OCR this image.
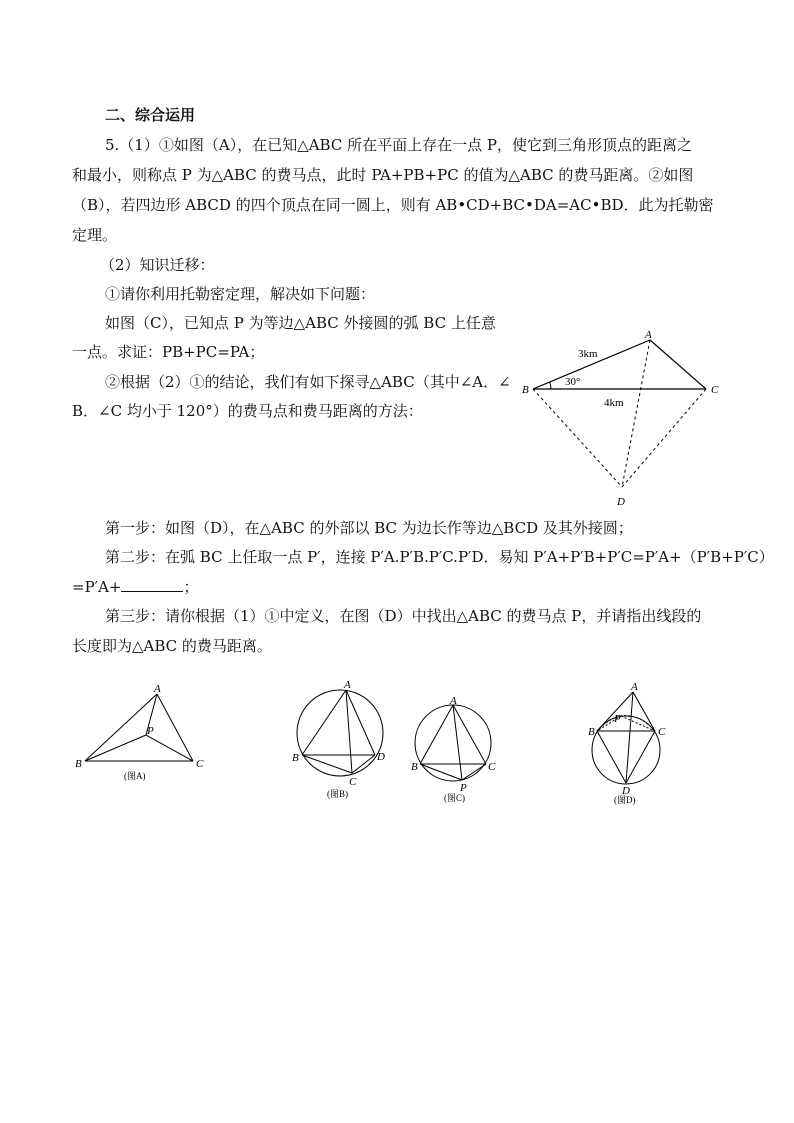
二、综合运用
5.（1）①如图（A），在已知△ABC 所在平面上存在一点 P，使它到三角形顶点的距离之
和最小，则称点 P 为△ABC 的费马点，此时 PA+PB+PC 的值为△ABC 的费马距离。②如图
（B），若四边形 ABCD 的四个顶点在同一圆上，则有 AB•CD+BC•DA=AC•BD．此为托勒密
定理。
（2）知识迁移：
①请你利用托勒密定理，解决如下问题：
如图（C），已知点 P 为等边△ABC 外接圆的弧 BC 上任意
一点。求证：PB+PC=PA；
②根据（2）①的结论，我们有如下探寻△ABC（其中∠A．∠
B．∠C 均小于 120°）的费马点和费马距离的方法：
第一步：如图（D），在△ABC 的外部以 BC 为边长作等边△BCD 及其外接圆；
第二步：在弧 BC 上任取一点 P′，连接 P′A.P′B.P′C.P′D．易知 P′A+P′B+P′C=P′A+（P′B+P′C）
=P′A+	；
第三步：请你根据（1）①中定义，在图（D）中找出△ABC 的费马点 P，并请指出线段的
长度即为△ABC 的费马距离。
A
B	C
D
3km
30°
4km
A
B	C
P
(图A)
A
B
C
D
(图B)
A
B	C
P
(图C)
A
B	C
D
P
(图D)
